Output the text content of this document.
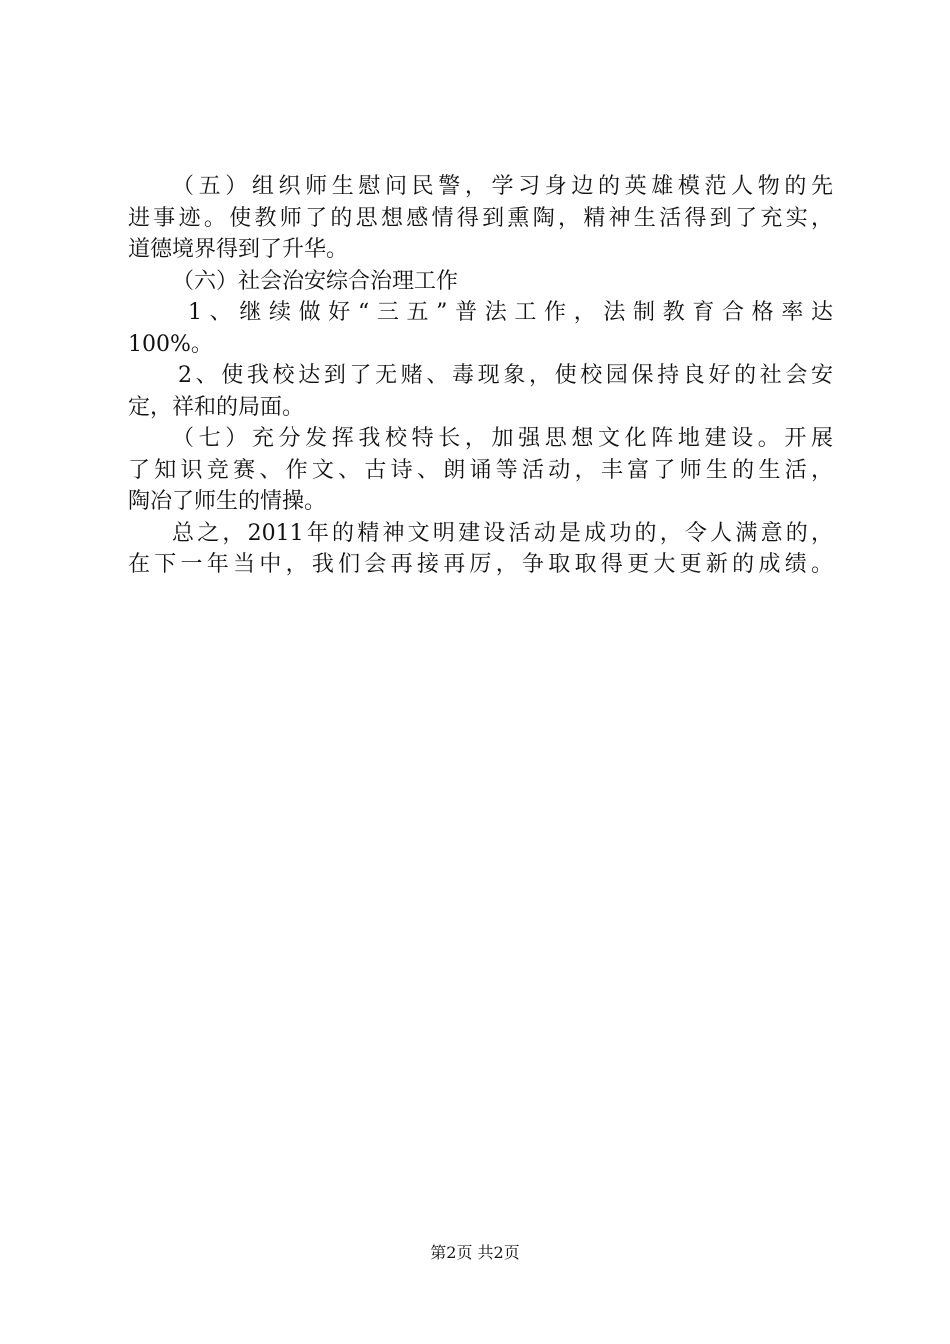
（五）组织师生慰问民警，学习身边的英雄模范人物的先
进事迹。使教师了的思想感情得到熏陶，精神生活得到了充实，
道德境界得到了升华。
（六）社会治安综合治理工作
1、继续做好“三五”普法工作，法制教育合格率达
100%。
2、使我校达到了无赌、毒现象，使校园保持良好的社会安
定，祥和的局面。
（七）充分发挥我校特长，加强思想文化阵地建设。开展
了知识竞赛、作文、古诗、朗诵等活动，丰富了师生的生活，
陶冶了师生的情操。
总之，2011年的精神文明建设活动是成功的，令人满意的，
在下一年当中，我们会再接再厉，争取取得更大更新的成绩。
第2页 共2页
